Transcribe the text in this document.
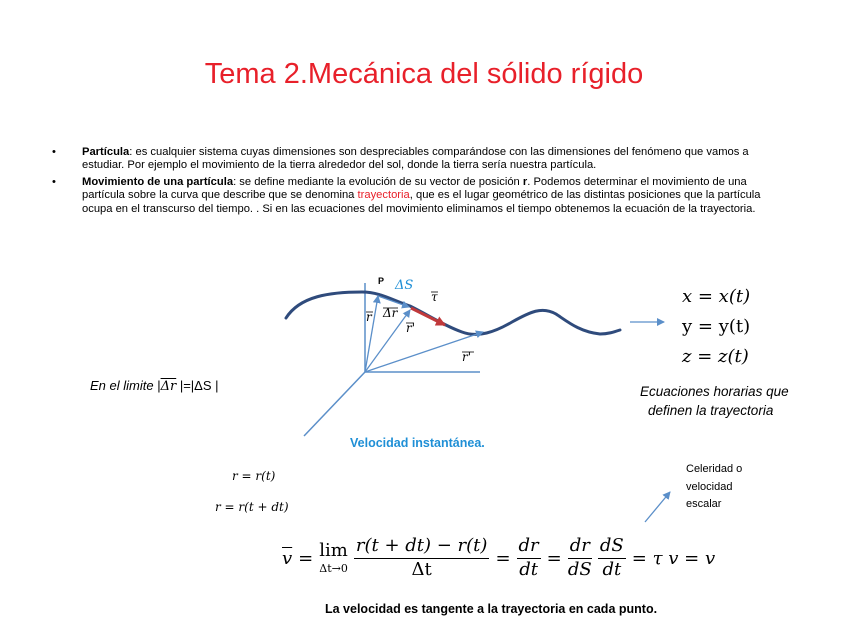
Tema 2.Mecánica del sólido rígido
• Partícula: es cualquier sistema cuyas dimensiones son despreciables comparándose con las dimensiones del fenómeno que vamos a estudiar. Por ejemplo el movimiento de la tierra alrededor del sol, donde la tierra sería nuestra partícula.
• Movimiento de una partícula: se define mediante la evolución de su vector de posición r. Podemos determinar el movimiento de una partícula sobre la curva que describe que se denomina trayectoria, que es el lugar geométrico de las distintas posiciones que la partícula ocupa en el transcurso del tiempo. . Si en las ecuaciones del movimiento eliminamos el tiempo obtenemos la ecuación de la trayectoria.
P ΔS
τ
r Δr
r'
r'
x = x(t)
y = y(t)
z = z(t)
Ecuaciones horarias que
definen la trayectoria
En el limite $|\overline{\Delta r}$ |=|ΔS |
Velocidad instantánea.
r = r(t)
r = r(t + dt)
Celeridad o
velocidad
escalar
$\overline{v} = \lim$
$\Delta t\to 0 \frac{r(t + dt) - r(t)}{\Delta t} = \frac{dr}{dt} = \frac{dr}{dS} \frac{dS}{dt} = \tau$ v = v
La velocidad es tangente a la trayectoria en cada punto.
